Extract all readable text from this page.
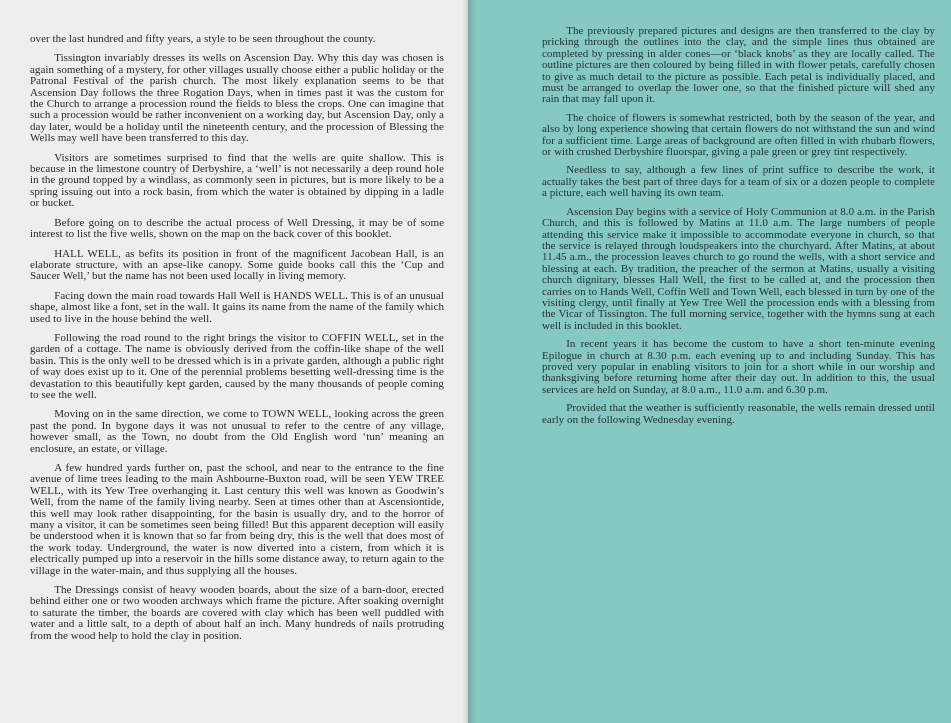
over the last hundred and fifty years, a style to be seen throughout the county.

Tissington invariably dresses its wells on Ascension Day. Why this day was chosen is again something of a mystery, for other villages usually choose either a public holiday or the Patronal Festival of the parish church. The most likely explanation seems to be that Ascension Day follows the three Rogation Days, when in times past it was the custom for the Church to arrange a procession round the fields to bless the crops. One can imagine that such a procession would be rather inconvenient on a working day, but Ascension Day, only a day later, would be a holiday until the nineteenth century, and the procession of Blessing the Wells may well have been transferred to this day.

Visitors are sometimes surprised to find that the wells are quite shallow. This is because in the limestone country of Derbyshire, a ‘well’ is not necessarily a deep round hole in the ground topped by a windlass, as commonly seen in pictures, but is more likely to be a spring issuing out into a rock basin, from which the water is obtained by dipping in a ladle or bucket.

Before going on to describe the actual process of Well Dressing, it may be of some interest to list the five wells, shown on the map on the back cover of this booklet.

HALL WELL, as befits its position in front of the magnificent Jacobean Hall, is an elaborate structure, with an apse-like canopy. Some guide books call this the ‘Cup and Saucer Well,’ but the name has not been used locally in living memory.

Facing down the main road towards Hall Well is HANDS WELL. This is of an unusual shape, almost like a font, set in the wall. It gains its name from the name of the family which used to live in the house behind the well.

Following the road round to the right brings the visitor to COFFIN WELL, set in the garden of a cottage. The name is obviously derived from the coffin-like shape of the well basin. This is the only well to be dressed which is in a private garden, although a public right of way does exist up to it. One of the perennial problems besetting well-dressing time is the devastation to this beautifully kept garden, caused by the many thousands of people coming to see the well.

Moving on in the same direction, we come to TOWN WELL, looking across the green past the pond. In bygone days it was not unusual to refer to the centre of any village, however small, as the Town, no doubt from the Old English word ‘tun’ meaning an enclosure, an estate, or village.

A few hundred yards further on, past the school, and near to the entrance to the fine avenue of lime trees leading to the main Ashbourne-Buxton road, will be seen YEW TREE WELL, with its Yew Tree overhanging it. Last century this well was known as Goodwin’s Well, from the name of the family living nearby. Seen at times other than at Ascensiontide, this well may look rather disappointing, for the basin is usually dry, and to the horror of many a visitor, it can be sometimes seen being filled! But this apparent deception will easily be understood when it is known that so far from being dry, this is the well that does most of the work today. Underground, the water is now diverted into a cistern, from which it is electrically pumped up into a reservoir in the hills some distance away, to return again to the village in the water-main, and thus supplying all the houses.

The Dressings consist of heavy wooden boards, about the size of a barn-door, erected behind either one or two wooden archways which frame the picture. After soaking overnight to saturate the timber, the boards are covered with clay which has been well puddled with water and a little salt, to a depth of about half an inch. Many hundreds of nails protruding from the wood help to hold the clay in position.

The previously prepared pictures and designs are then transferred to the clay by pricking through the outlines into the clay, and the simple lines thus obtained are completed by pressing in alder cones—or ‘black knobs’ as they are locally called. The outline pictures are then coloured by being filled in with flower petals, carefully chosen to give as much detail to the picture as possible. Each petal is individually placed, and must be arranged to overlap the lower one, so that the finished picture will shed any rain that may fall upon it.

The choice of flowers is somewhat restricted, both by the season of the year, and also by long experience showing that certain flowers do not withstand the sun and wind for a sufficient time. Large areas of background are often filled in with rhubarb flowers, or with crushed Derbyshire fluorspar, giving a pale green or grey tint respectively.

Needless to say, although a few lines of print suffice to describe the work, it actually takes the best part of three days for a team of six or a dozen people to complete a picture, each well having its own team.

Ascension Day begins with a service of Holy Communion at 8.0 a.m. in the Parish Church, and this is followed by Matins at 11.0 a.m. The large numbers of people attending this service make it impossible to accommodate everyone in church, so that the service is relayed through loudspeakers into the churchyard. After Matins, at about 11.45 a.m., the procession leaves church to go round the wells, with a short service and blessing at each. By tradition, the preacher of the sermon at Matins, usually a visiting church dignitary, blesses Hall Well, the first to be called at, and the procession then carries on to Hands Well, Coffin Well and Town Well, each blessed in turn by one of the visiting clergy, until finally at Yew Tree Well the procession ends with a blessing from the Vicar of Tissington. The full morning service, together with the hymns sung at each well is included in this booklet.

In recent years it has become the custom to have a short ten-minute evening Epilogue in church at 8.30 p.m. each evening up to and including Sunday. This has proved very popular in enabling visitors to join for a short while in our worship and thanksgiving before returning home after their day out. In addition to this, the usual services are held on Sunday, at 8.0 a.m., 11.0 a.m. and 6.30 p.m.

Provided that the weather is sufficiently reasonable, the wells remain dressed until early on the following Wednesday evening.
